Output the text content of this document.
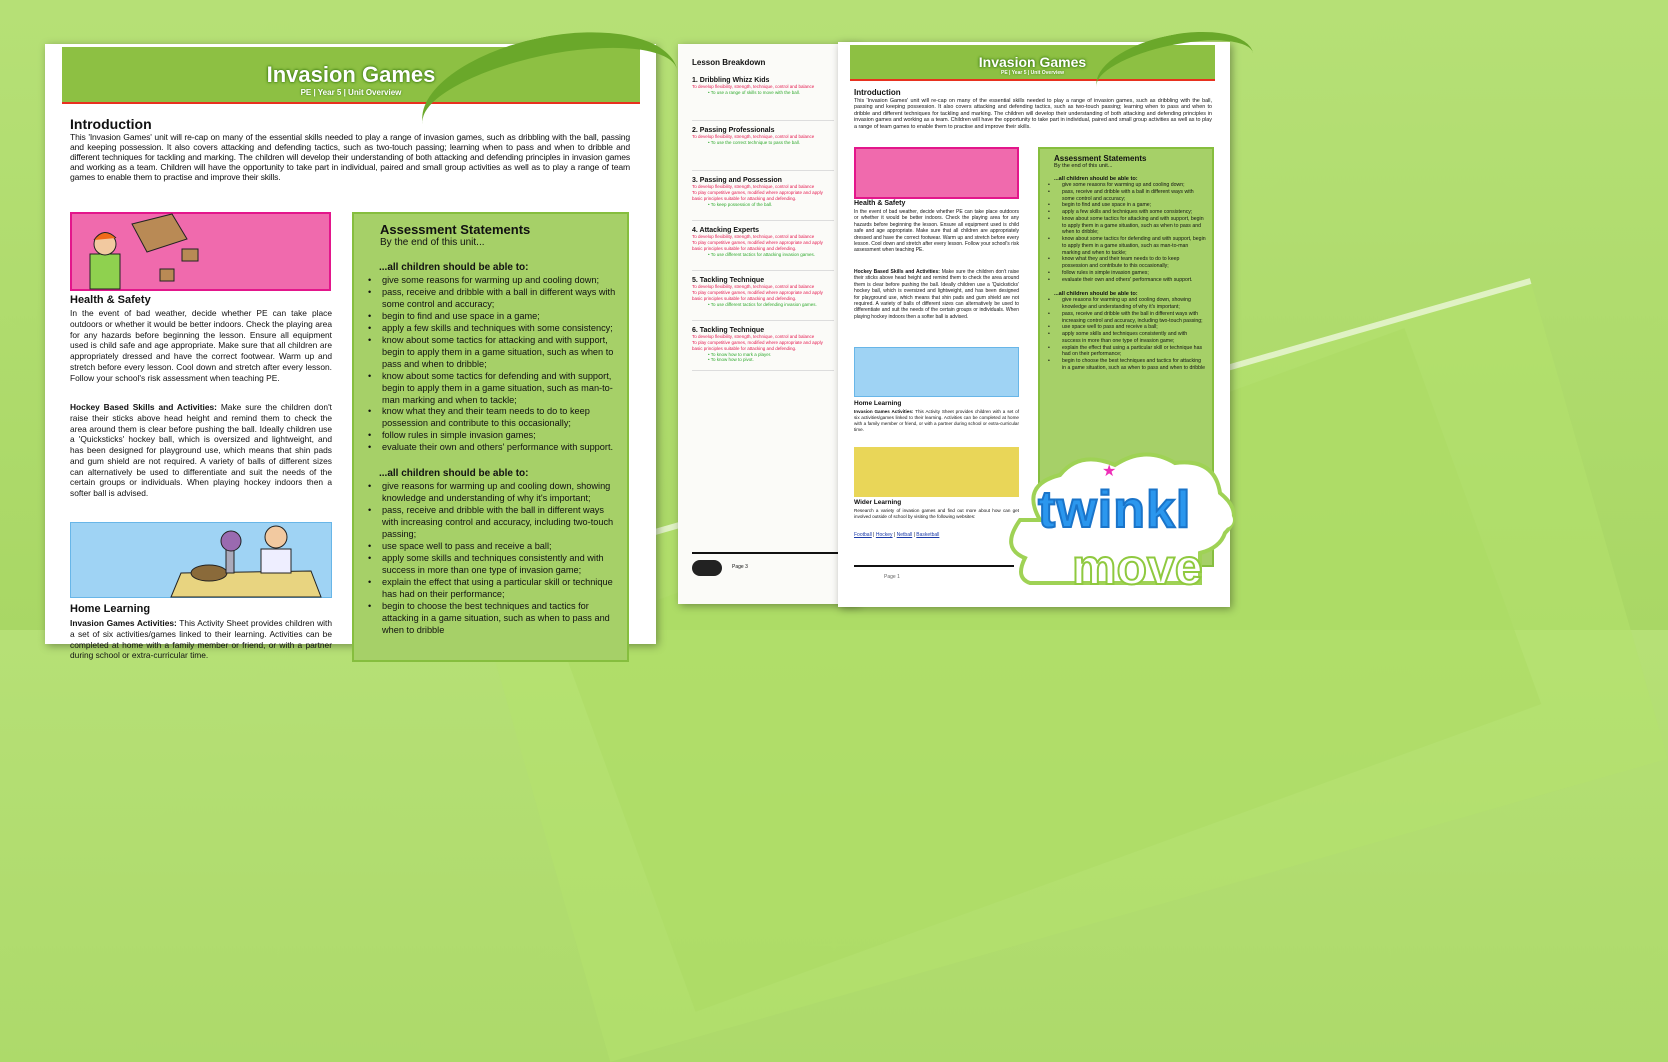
Invasion Games
PE | Year 5 | Unit Overview
Introduction

This 'Invasion Games' unit will re-cap on many of the essential skills needed to play a range of invasion games, such as dribbling with the ball, passing and keeping possession. It also covers attacking and defending tactics, such as two-touch passing; learning when to pass and when to dribble and different techniques for tackling and marking. The children will develop their understanding of both attacking and defending principles in invasion games and working as a team. Children will have the opportunity to take part in individual, paired and small group activities as well as to play a range of team games to enable them to practise and improve their skills.

Health & Safety

In the event of bad weather, decide whether PE can take place outdoors or whether it would be better indoors. Check the playing area for any hazards before beginning the lesson. Ensure all equipment used is child safe and age appropriate. Make sure that all children are appropriately dressed and have the correct footwear. Warm up and stretch before every lesson. Cool down and stretch after every lesson. Follow your school's risk assessment when teaching PE.

Hockey Based Skills and Activities: Make sure the children don't raise their sticks above head height and remind them to check the area around them is clear before pushing the ball. Ideally children use a 'Quicksticks' hockey ball, which is oversized and lightweight, and has been designed for playground use, which means that shin pads and gum shield are not required. A variety of balls of different sizes can alternatively be used to differentiate and suit the needs of the certain groups or individuals. When playing hockey indoors then a softer ball is advised.

Home Learning

Invasion Games Activities: This Activity Sheet provides children with a set of six activities/games linked to their learning. Activities can be completed at home with a family member or friend, or with a partner during school or extra-curricular time.

Assessment Statements
By the end of this unit...
...all children should be able to:
• give some reasons for warming up and cooling down;
• pass, receive and dribble with a ball in different ways with some control and accuracy;
• begin to find and use space in a game;
• apply a few skills and techniques with some consistency;
• know about some tactics for attacking and with support, begin to apply them in a game situation, such as when to pass and when to dribble;
• know about some tactics for defending and with support, begin to apply them in a game situation, such as man-to-man marking and when to tackle;
• know what they and their team needs to do to keep possession and contribute to this occasionally;
• follow rules in simple invasion games;
• evaluate their own and others' performance with support.
...all children should be able to:
• give reasons for warming up and cooling down, showing knowledge and understanding of why it's important;
• pass, receive and dribble with the ball in different ways with increasing control and accuracy, including two-touch passing;
• use space well to pass and receive a ball;
• apply some skills and techniques consistently and with success in more than one type of invasion game;
• explain the effect that using a particular skill or technique has had on their performance;
• begin to choose the best techniques and tactics for attacking in a game situation, such as when to pass and when to dribble
Lesson Breakdown
1. Dribbling Whizz Kids
To develop flexibility, strength, technique, control and balance
• To use a range of skills to move with the ball.
2. Passing Professionals
To develop flexibility, strength, technique, control and balance
• To use the correct technique to pass the ball.
3. Passing and Possession
To develop flexibility, strength, technique, control and balance
To play competitive games, modified where appropriate and apply basic principles suitable for attacking and defending.
• To keep possession of the ball.
4. Attacking Experts
To develop flexibility, strength, technique, control and balance
To play competitive games, modified where appropriate and apply basic principles suitable for attacking and defending.
• To use different tactics for attacking invasion games.
5. Tackling Technique
To develop flexibility, strength, technique, control and balance
To play competitive games, modified where appropriate and apply basic principles suitable for attacking and defending.
• To use different tactics for defending invasion games.
6. Tackling Technique
To develop flexibility, strength, technique, control and balance
To play competitive games, modified where appropriate and apply basic principles suitable for attacking and defending.
• To know how to mark a player.
• To know how to pivot.
Page 3
Invasion Games
PE | Year 5 | Unit Overview
Introduction

This 'Invasion Games' unit will re-cap on many of the essential skills needed to play a range of invasion games, such as dribbling with the ball, passing and keeping possession. It also covers attacking and defending tactics, such as two-touch passing; learning when to pass and when to dribble and different techniques for tackling and marking. The children will develop their understanding of both attacking and defending principles in invasion games and working as a team. Children will have the opportunity to take part in individual, paired and small group activities as well as to play a range of team games to enable them to practise and improve their skills.

Health & Safety

In the event of bad weather, decide whether PE can take place outdoors or whether it would be better indoors. Check the playing area for any hazards before beginning the lesson. Ensure all equipment used is child safe and age appropriate. Make sure that all children are appropriately dressed and have the correct footwear. Warm up and stretch before every lesson. Cool down and stretch after every lesson. Follow your school's risk assessment when teaching PE.

Hockey Based Skills and Activities: Make sure the children don't raise their sticks above head height and remind them to check the area around them is clear before pushing the ball. Ideally children use a 'Quicksticks' hockey ball, which is oversized and lightweight, and has been designed for playground use, which means that shin pads and gum shield are not required. A variety of balls of different sizes can alternatively be used to differentiate and suit the needs of the certain groups or individuals. When playing hockey indoors then a softer ball is advised.

Home Learning

Invasion Games Activities: This Activity Sheet provides children with a set of six activities/games linked to their learning. Activities can be completed at home with a family member or friend, or with a partner during school or extra-curricular time.

Wider Learning

Research a variety of invasion games and find out more about how can get involved outside of school by visiting the following websites:

Football | Hockey | Netball | Basketball
Page 1
Assessment Statements
By the end of this unit...
...all children should be able to:
• give some reasons for warming up and cooling down;
• pass, receive and dribble with a ball in different ways with some control and accuracy;
• begin to find and use space in a game;
• apply a few skills and techniques with some consistency;
• know about some tactics for attacking and with support, begin to apply them in a game situation, such as when to pass and when to dribble;
• know about some tactics for defending and with support, begin to apply them in a game situation, such as man-to-man marking and when to tackle;
• know what they and their team needs to do to keep possession and contribute to this occasionally;
• follow rules in simple invasion games;
• evaluate their own and others' performance with support.
...all children should be able to:
• give reasons for warming up and cooling down, showing knowledge and understanding of why it's important;
• pass, receive and dribble with the ball in different ways with increasing control and accuracy, including two-touch passing;
• use space well to pass and receive a ball;
• apply some skills and techniques consistently and with success in more than one type of invasion game;
• explain the effect that using a particular skill or technique has had on their performance;
• begin to choose the best techniques and tactics for attacking in a game situation, such as when to pass and when to dribble
★
twinkl
move
